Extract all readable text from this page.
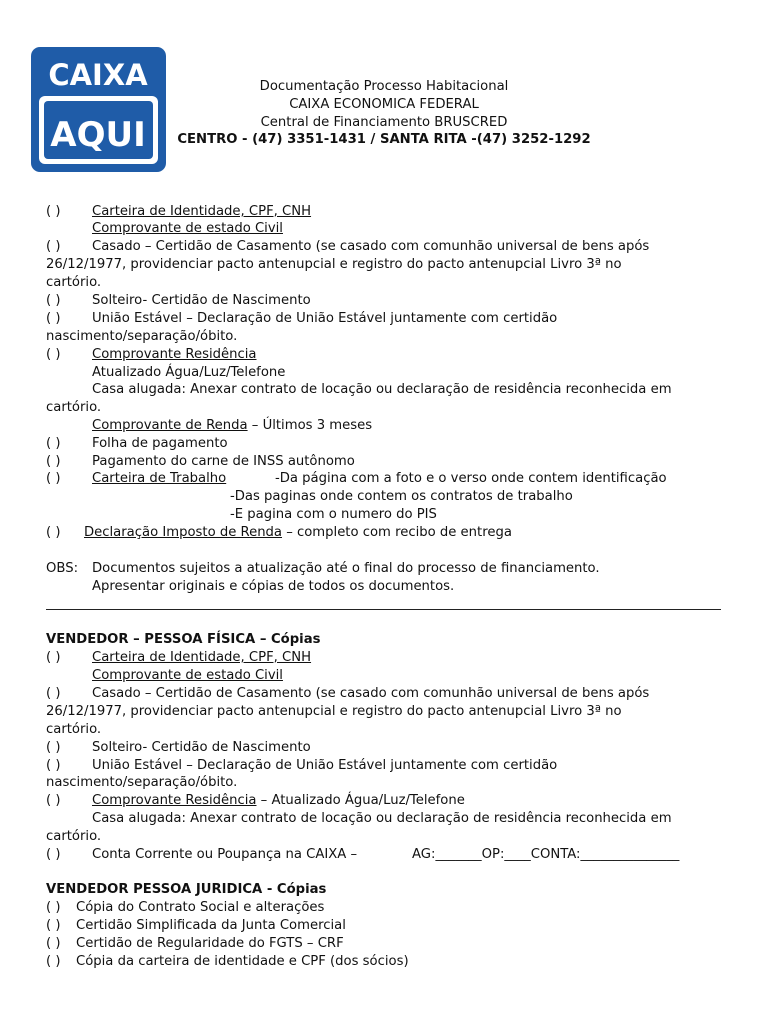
CAIXA
AQUI
Documentação Processo Habitacional
CAIXA ECONOMICA FEDERAL
Central de Financiamento BRUSCRED
CENTRO - (47) 3351-1431 / SANTA RITA -(47) 3252-1292
( ) Carteira de Identidade, CPF, CNH
Comprovante de estado Civil
( ) Casado – Certidão de Casamento (se casado com comunhão universal de bens após
26/12/1977, providenciar pacto antenupcial e registro do pacto antenupcial Livro 3ª no
cartório.
( ) Solteiro- Certidão de Nascimento
( ) União Estável – Declaração de União Estável juntamente com certidão
nascimento/separação/óbito.
( ) Comprovante Residência
Atualizado Água/Luz/Telefone
Casa alugada: Anexar contrato de locação ou declaração de residência reconhecida em
cartório.
Comprovante de Renda – Últimos 3 meses
( ) Folha de pagamento
( ) Pagamento do carne de INSS autônomo
( ) Carteira de Trabalho	-Da página com a foto e o verso onde contem identificação
-Das paginas onde contem os contratos de trabalho
-E pagina com o numero do PIS
( ) Declaração Imposto de Renda – completo com recibo de entrega
OBS: Documentos sujeitos a atualização até o final do processo de financiamento.
Apresentar originais e cópias de todos os documentos.
VENDEDOR – PESSOA FÍSICA – Cópias
( ) Carteira de Identidade, CPF, CNH
Comprovante de estado Civil
( ) Casado – Certidão de Casamento (se casado com comunhão universal de bens após
26/12/1977, providenciar pacto antenupcial e registro do pacto antenupcial Livro 3ª no
cartório.
( ) Solteiro- Certidão de Nascimento
( ) União Estável – Declaração de União Estável juntamente com certidão
nascimento/separação/óbito.
( ) Comprovante Residência – Atualizado Água/Luz/Telefone
Casa alugada: Anexar contrato de locação ou declaração de residência reconhecida em
cartório.
( ) Conta Corrente ou Poupança na CAIXA –	AG:_______OP:____CONTA:_______________
VENDEDOR PESSOA JURIDICA - Cópias
( ) Cópia do Contrato Social e alterações
( ) Certidão Simplificada da Junta Comercial
( ) Certidão de Regularidade do FGTS – CRF
( ) Cópia da carteira de identidade e CPF (dos sócios)
